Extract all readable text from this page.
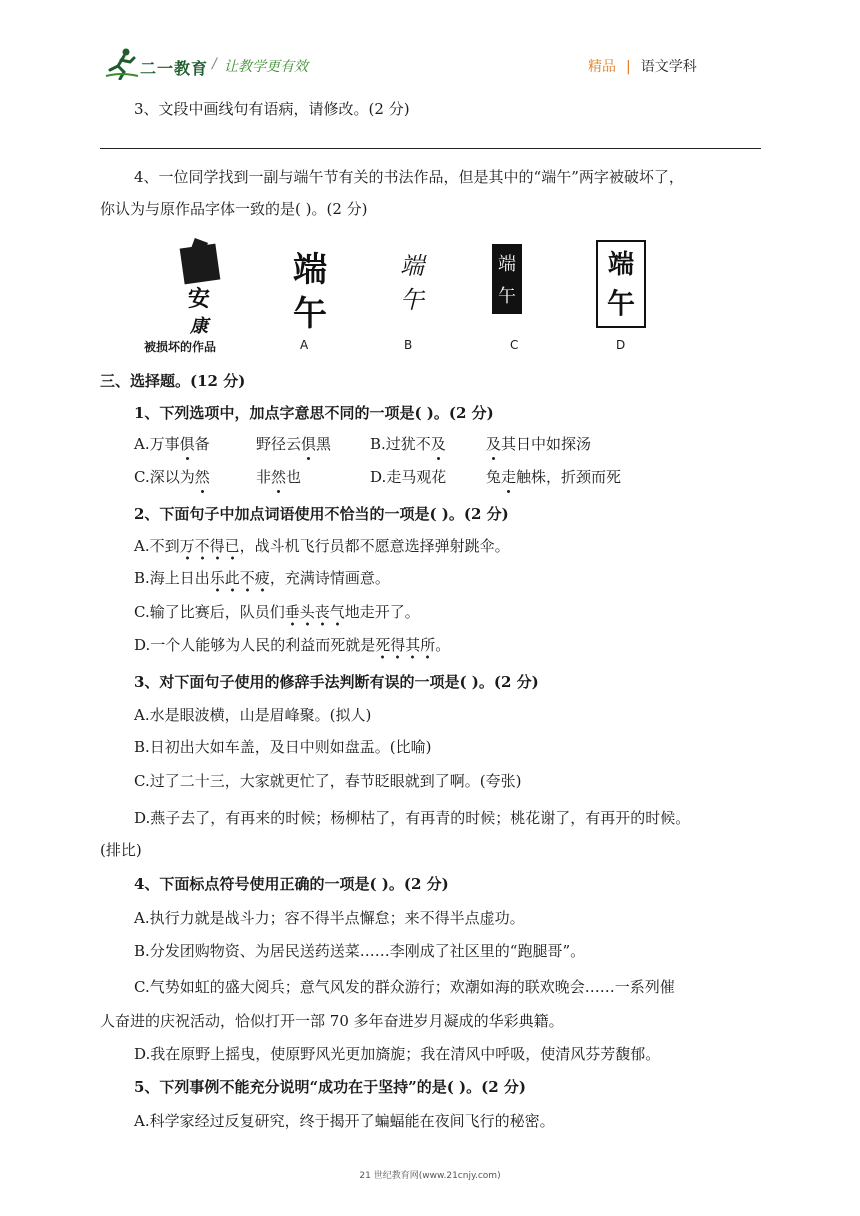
二一教育 / 让教学更有效	精品 | 语文学科
3、文段中画线句有语病，请修改。(2 分)
4、一位同学找到一副与端午节有关的书法作品，但是其中的“端午”两字被破坏了，
你认为与原作品字体一致的是( )。(2 分)
安
康
端
午
端
午
端
午
端
午
被损坏的作品	A	B	C	D
三、选择题。(12 分)
1、下列选项中，加点字意思不同的一项是( )。(2 分)
A.万事俱备	野径云俱黑	B.过犹不及	及其日中如探汤
C.深以为然	非然也	D.走马观花	兔走触株，折颈而死
2、下面句子中加点词语使用不恰当的一项是( )。(2 分)
A.不到万不得已，战斗机飞行员都不愿意选择弹射跳伞。
B.海上日出乐此不疲，充满诗情画意。
C.输了比赛后，队员们垂头丧气地走开了。
D.一个人能够为人民的利益而死就是死得其所。
3、对下面句子使用的修辞手法判断有误的一项是( )。(2 分)
A.水是眼波横，山是眉峰聚。(拟人)
B.日初出大如车盖，及日中则如盘盂。(比喻)
C.过了二十三，大家就更忙了，春节眨眼就到了啊。(夸张)
D.燕子去了，有再来的时候；杨柳枯了，有再青的时候；桃花谢了，有再开的时候。
(排比)
4、下面标点符号使用正确的一项是( )。(2 分)
A.执行力就是战斗力；容不得半点懈怠；来不得半点虚功。
B.分发团购物资、为居民送药送菜……李刚成了社区里的“跑腿哥”。
C.气势如虹的盛大阅兵；意气风发的群众游行；欢潮如海的联欢晚会……一系列催
人奋进的庆祝活动，恰似打开一部 70 多年奋进岁月凝成的华彩典籍。
D.我在原野上摇曳，使原野风光更加旖旎；我在清风中呼吸，使清风芬芳馥郁。
5、下列事例不能充分说明“成功在于坚持”的是( )。(2 分)
A.科学家经过反复研究，终于揭开了蝙蝠能在夜间飞行的秘密。
21 世纪教育网(www.21cnjy.com)
